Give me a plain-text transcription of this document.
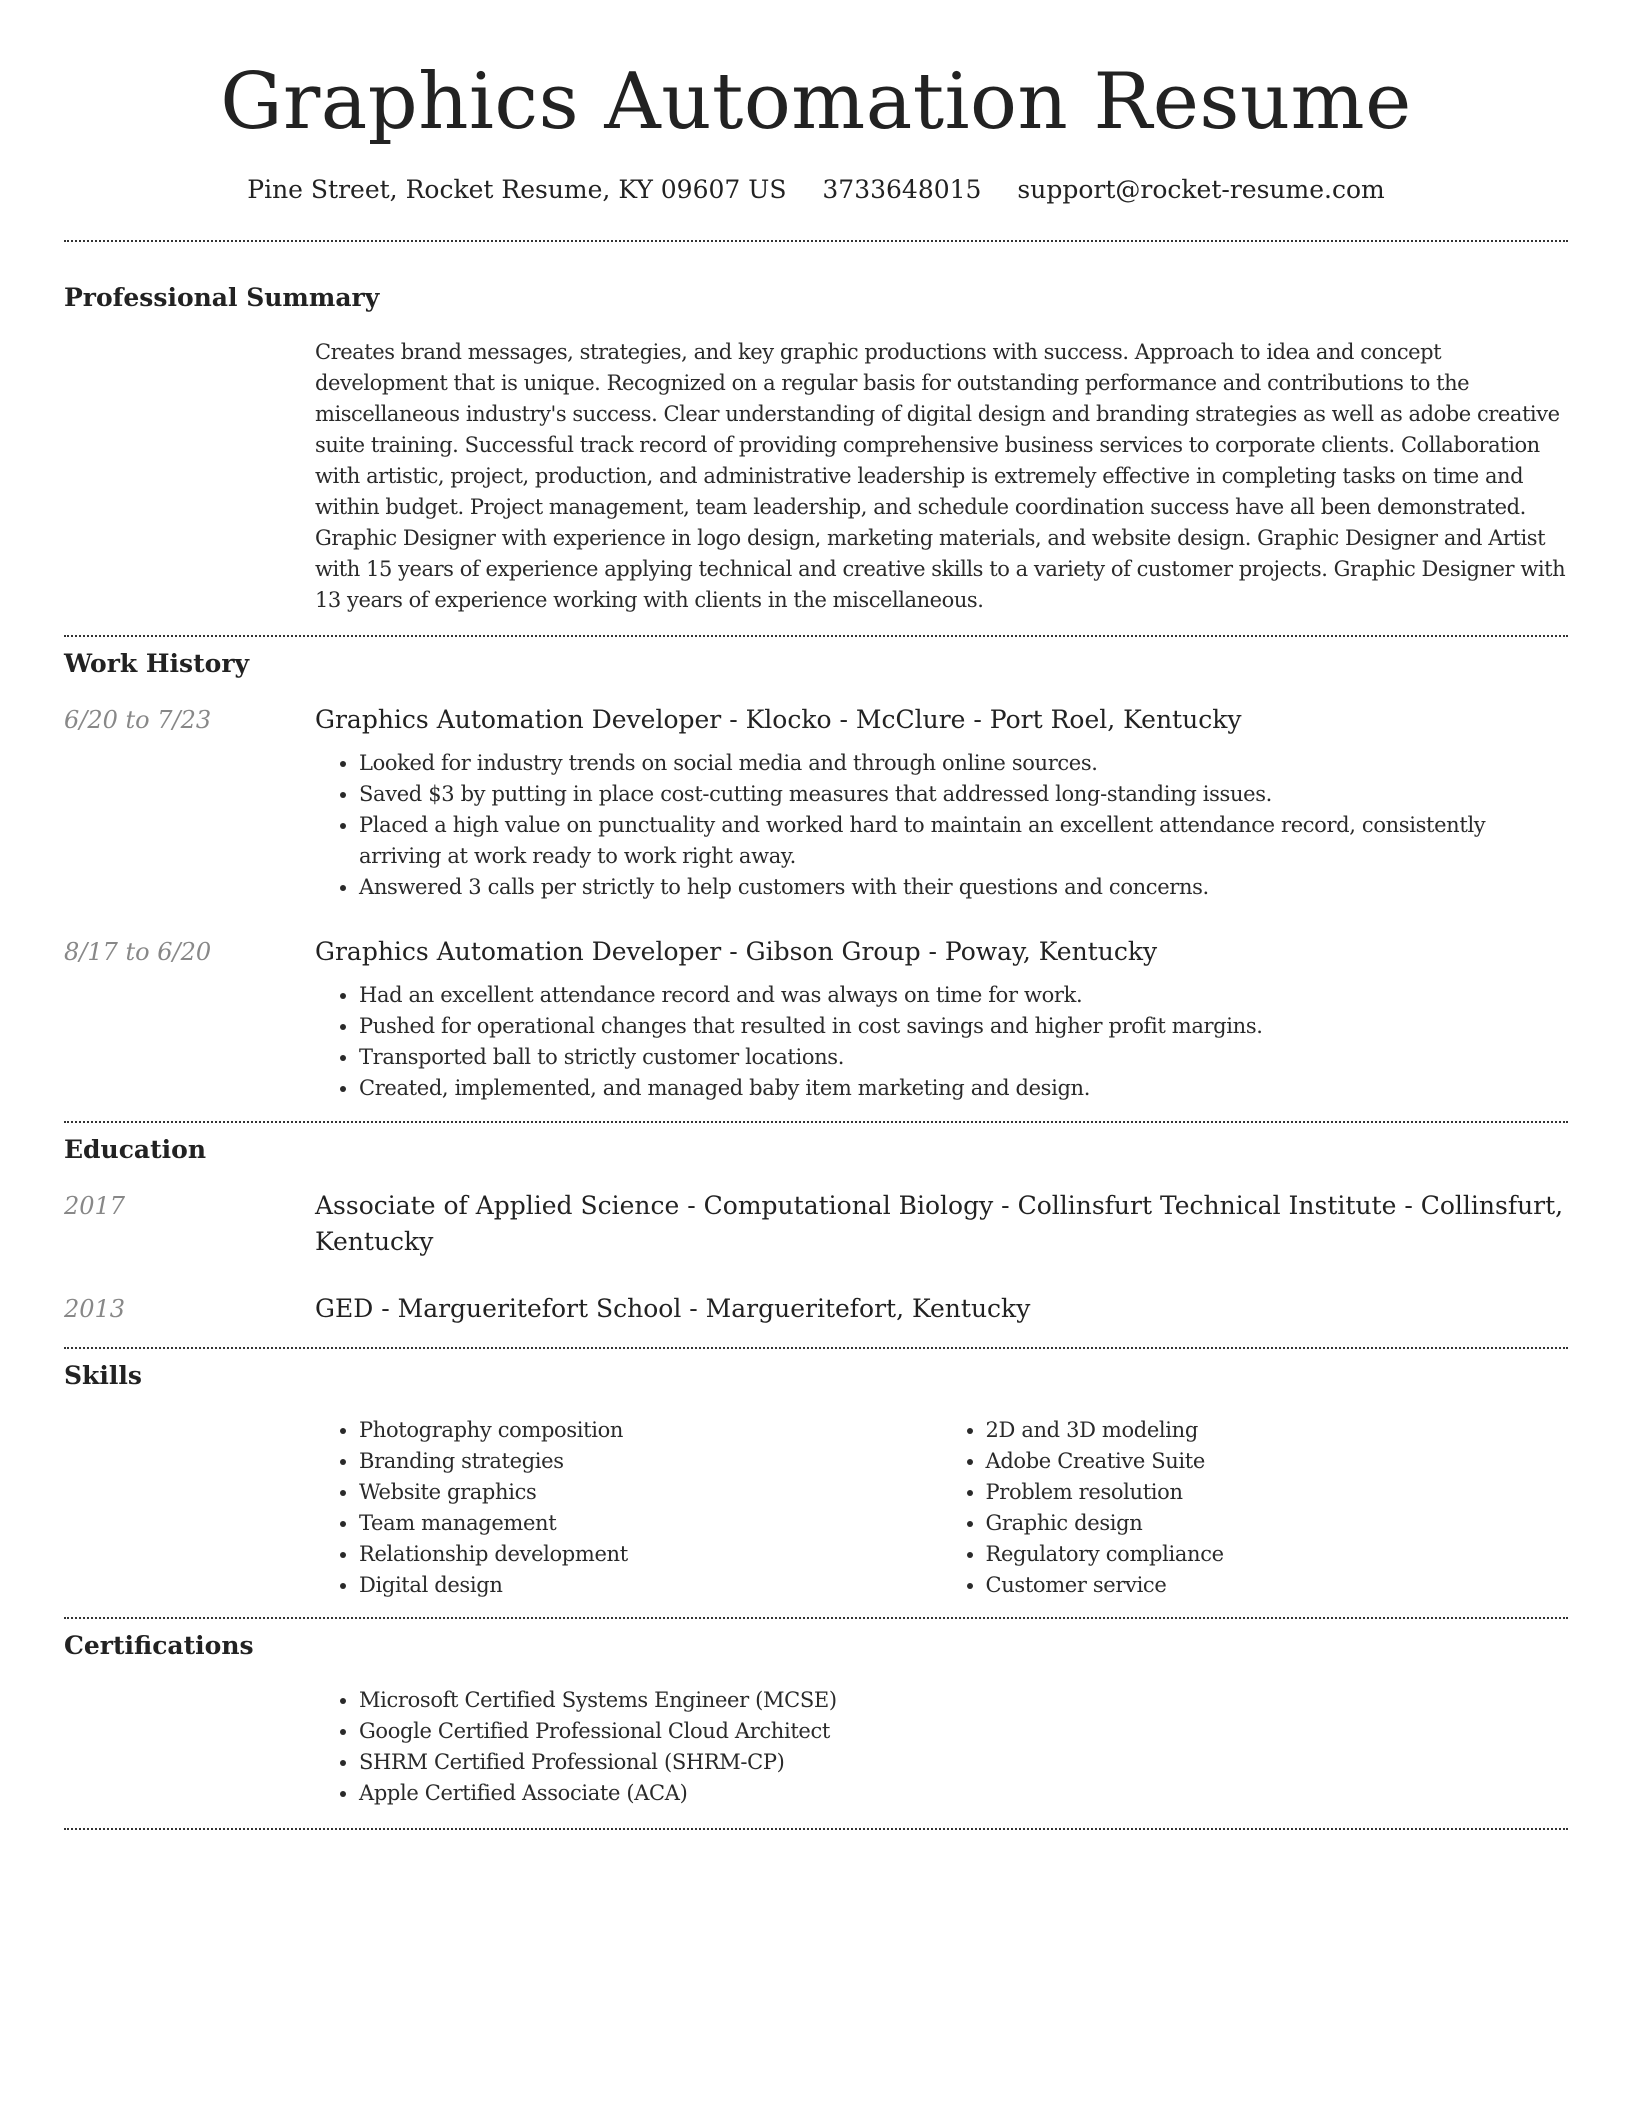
Graphics Automation Resume
Pine Street, Rocket Resume, KY 09607 US 3733648015 support@rocket-resume.com
Professional Summary

Creates brand messages, strategies, and key graphic productions with success. Approach to idea and concept development that is unique. Recognized on a regular basis for outstanding performance and contributions to the miscellaneous industry's success. Clear understanding of digital design and branding strategies as well as adobe creative suite training. Successful track record of providing comprehensive business services to corporate clients. Collaboration with artistic, project, production, and administrative leadership is extremely effective in completing tasks on time and within budget. Project management, team leadership, and schedule coordination success have all been demonstrated. Graphic Designer with experience in logo design, marketing materials, and website design. Graphic Designer and Artist with 15 years of experience applying technical and creative skills to a variety of customer projects. Graphic Designer with 13 years of experience working with clients in the miscellaneous.

Work History
6/20 to 7/23	Graphics Automation Developer - Klocko - McClure - Port Roel, Kentucky
• Looked for industry trends on social media and through online sources.
• Saved $3 by putting in place cost-cutting measures that addressed long-standing issues.
• Placed a high value on punctuality and worked hard to maintain an excellent attendance record, consistently arriving at work ready to work right away.
• Answered 3 calls per strictly to help customers with their questions and concerns.
8/17 to 6/20	Graphics Automation Developer - Gibson Group - Poway, Kentucky
• Had an excellent attendance record and was always on time for work.
• Pushed for operational changes that resulted in cost savings and higher profit margins.
• Transported ball to strictly customer locations.
• Created, implemented, and managed baby item marketing and design.
Education
2017	Associate of Applied Science - Computational Biology - Collinsfurt Technical Institute - Collinsfurt, Kentucky
2013	GED - Margueritefort School - Margueritefort, Kentucky
Skills
• Photography composition
• Branding strategies
• Website graphics
• Team management
• Relationship development
• Digital design
• 2D and 3D modeling
• Adobe Creative Suite
• Problem resolution
• Graphic design
• Regulatory compliance
• Customer service
Certifications
• Microsoft Certified Systems Engineer (MCSE)
• Google Certified Professional Cloud Architect
• SHRM Certified Professional (SHRM-CP)
• Apple Certified Associate (ACA)
